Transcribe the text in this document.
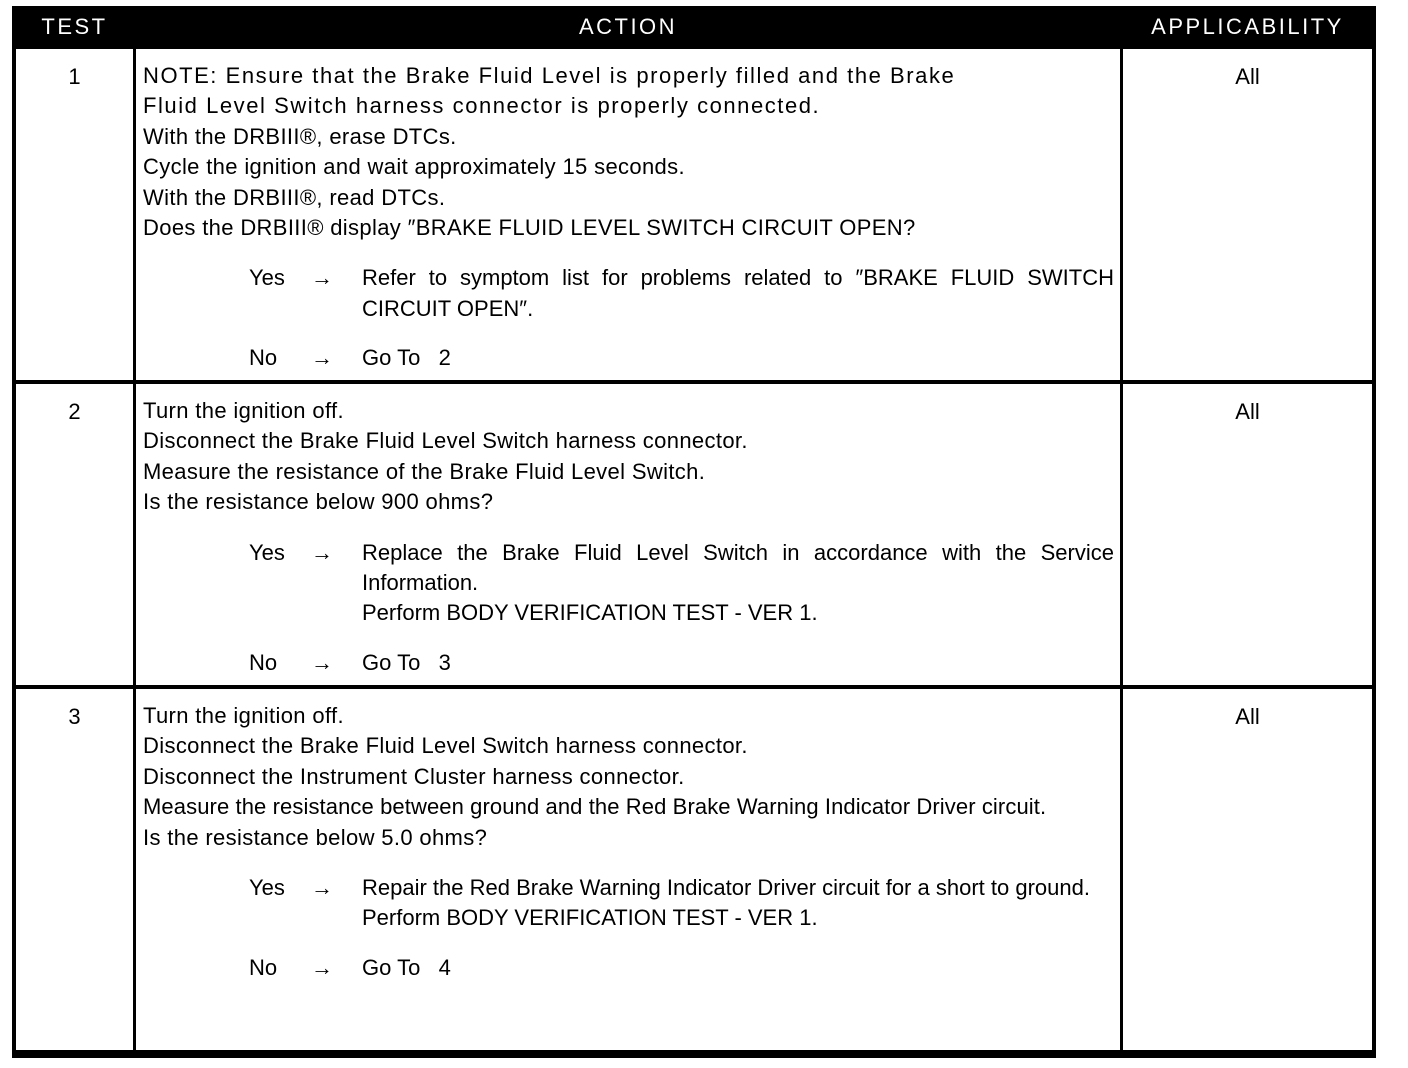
TEST	ACTION	APPLICABILITY
1	NOTE: Ensure that the Brake Fluid Level is properly filled and the Brake
Fluid Level Switch harness connector is properly connected.
With the DRBIII®, erase DTCs.
Cycle the ignition and wait approximately 15 seconds.
With the DRBIII®, read DTCs.
Does the DRBIII® display ″BRAKE FLUID LEVEL SWITCH CIRCUIT OPEN?
Yes → Refer to symptom list for problems related to ″BRAKE FLUID SWITCH CIRCUIT OPEN″.
No → Go To   2
All
2	Turn the ignition off.
Disconnect the Brake Fluid Level Switch harness connector.
Measure the resistance of the Brake Fluid Level Switch.
Is the resistance below 900 ohms?
Yes → Replace the Brake Fluid Level Switch in accordance with the Service Information.
Perform BODY VERIFICATION TEST - VER 1.
No → Go To   3
All
3	Turn the ignition off.
Disconnect the Brake Fluid Level Switch harness connector.
Disconnect the Instrument Cluster harness connector.
Measure the resistance between ground and the Red Brake Warning Indicator Driver circuit.
Is the resistance below 5.0 ohms?
Yes → Repair the Red Brake Warning Indicator Driver circuit for a short to ground.
Perform BODY VERIFICATION TEST - VER 1.
No → Go To   4
All
